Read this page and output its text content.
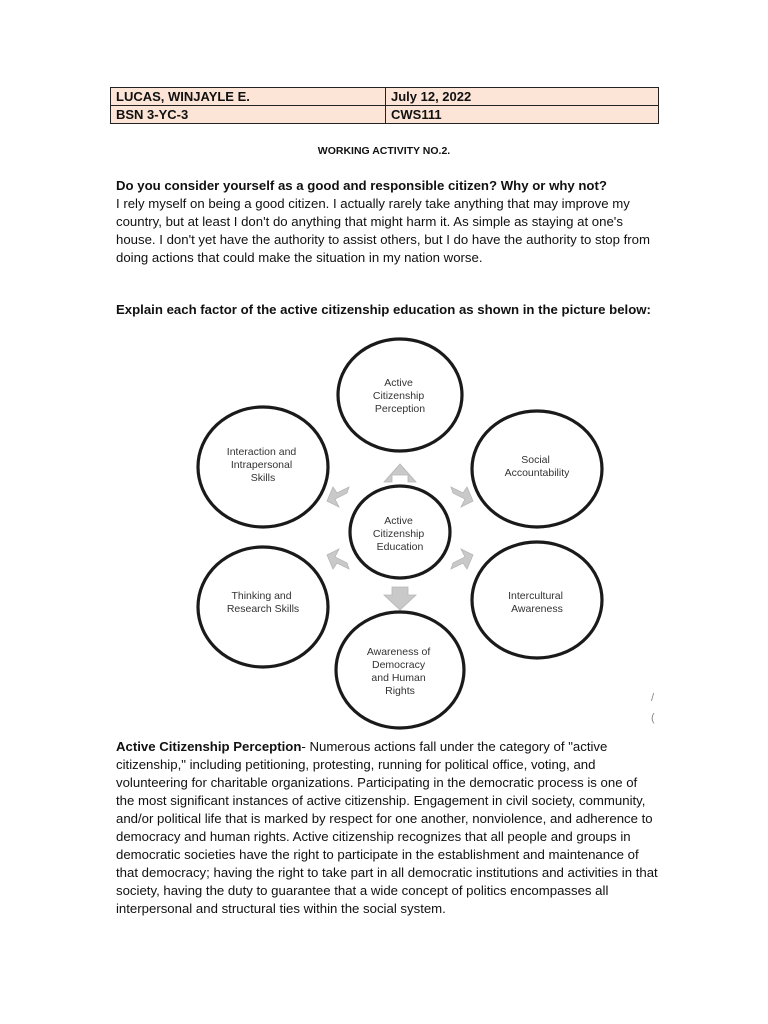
LUCAS, WINJAYLE E.	July 12, 2022
BSN 3-YC-3	CWS111
WORKING ACTIVITY NO.2.
Do you consider yourself as a good and responsible citizen? Why or why not?
I rely myself on being a good citizen. I actually rarely take anything that may improve my country, but at least I don't do anything that might harm it. As simple as staying at one's house. I don't yet have the authority to assist others, but I do have the authority to stop from doing actions that could make the situation in my nation worse.
Explain each factor of the active citizenship education as shown in the picture below:
Active Citizenship Education
Active Citizenship Perception
Social Accountability
Intercultural Awareness
Awareness of Democracy and Human Rights
Thinking and Research Skills
Interaction and Intrapersonal Skills
/
(
Active Citizenship Perception- Numerous actions fall under the category of "active citizenship," including petitioning, protesting, running for political office, voting, and volunteering for charitable organizations. Participating in the democratic process is one of the most significant instances of active citizenship. Engagement in civil society, community, and/or political life that is marked by respect for one another, nonviolence, and adherence to democracy and human rights. Active citizenship recognizes that all people and groups in democratic societies have the right to participate in the establishment and maintenance of that democracy; having the right to take part in all democratic institutions and activities in that society, having the duty to guarantee that a wide concept of politics encompasses all interpersonal and structural ties within the social system.
